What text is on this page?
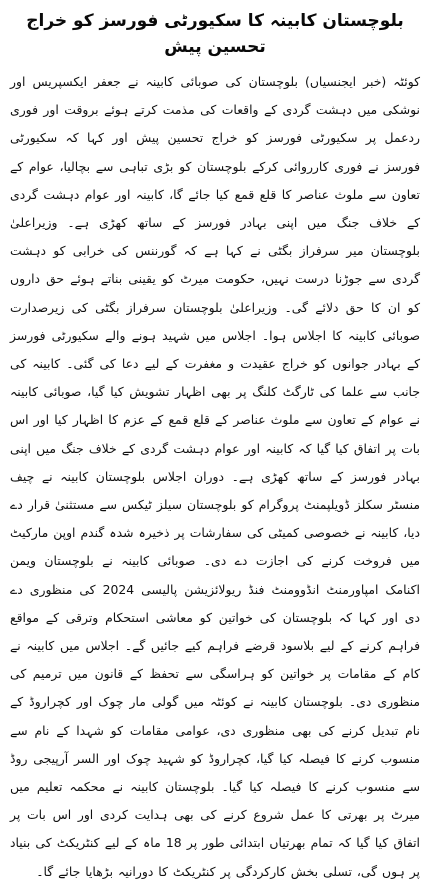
بلوچستان کابینہ کا سکیورٹی فورسز کو خراج تحسین پیش

کوئٹہ (خبر ایجنسیاں) بلوچستان کی صوبائی کابینہ نے جعفر ایکسپریس اور نوشکی میں دہشت گردی کے واقعات کی مذمت کرتے ہوئے بروقت اور فوری ردعمل پر سکیورٹی فورسز کو خراج تحسین پیش اور کہا کہ سکیورٹی فورسز نے فوری کارروائی کرکے بلوچستان کو بڑی تباہی سے بچالیا، عوام کے تعاون سے ملوث عناصر کا قلع قمع کیا جائے گا، کابینہ اور عوام دہشت گردی کے خلاف جنگ میں اپنی بہادر فورسز کے ساتھ کھڑی ہے۔ وزیراعلیٰ بلوچستان میر سرفراز بگٹی نے کہا ہے کہ گورننس کی خرابی کو دہشت گردی سے جوڑنا درست نہیں، حکومت میرٹ کو یقینی بناتے ہوئے حق داروں کو ان کا حق دلائے گی۔ وزیراعلیٰ بلوچستان سرفراز بگٹی کی زیرصدارت صوبائی کابینہ کا اجلاس ہوا۔ اجلاس میں شہید ہونے والے سکیورٹی فورسز کے بہادر جوانوں کو خراج عقیدت و مغفرت کے لیے دعا کی گئی۔ کابینہ کی جانب سے علما کی ٹارگٹ کلنگ پر بھی اظہار تشویش کیا گیا، صوبائی کابینہ نے عوام کے تعاون سے ملوث عناصر کے قلع قمع کے عزم کا اظہار کیا اور اس بات پر اتفاق کیا گیا کہ کابینہ اور عوام دہشت گردی کے خلاف جنگ میں اپنی بہادر فورسز کے ساتھ کھڑی ہے۔ دوران اجلاس بلوچستان کابینہ نے چیف منسٹر سکلز ڈویلپمنٹ پروگرام کو بلوچستان سیلز ٹیکس سے مستثنیٰ قرار دے دیا، کابینہ نے خصوصی کمیٹی کی سفارشات پر ذخیرہ شدہ گندم اوپن مارکیٹ میں فروخت کرنے کی اجازت دے دی۔ صوبائی کابینہ نے بلوچستان ویمن اکنامک امپاورمنٹ انڈوومنٹ فنڈ ریولائزیشن پالیسی 2024 کی منظوری دے دی اور کہا کہ بلوچستان کی خواتین کو معاشی استحکام وترقی کے مواقع فراہم کرنے کے لیے بلاسود قرضے فراہم کیے جائیں گے۔ اجلاس میں کابینہ نے کام کے مقامات پر خواتین کو ہراسگی سے تحفظ کے قانون میں ترمیم کی منظوری دی۔ بلوچستان کابینہ نے کوئٹہ میں گولی مار چوک اور کچراروڈ کے نام تبدیل کرنے کی بھی منظوری دی، عوامی مقامات کو شہدا کے نام سے منسوب کرنے کا فیصلہ کیا گیا، کچراروڈ کو شہید چوک اور السر آرپیجی روڈ سے منسوب کرنے کا فیصلہ کیا گیا۔ بلوچستان کابینہ نے محکمہ تعلیم میں میرٹ پر بھرتی کا عمل شروع کرنے کی بھی ہدایت کردی اور اس بات پر اتفاق کیا گیا کہ تمام بھرتیاں ابتدائی طور پر 18 ماہ کے لیے کنٹریکٹ کی بنیاد پر ہوں گی، تسلی بخش کارکردگی پر کنٹریکٹ کا دورانیہ بڑھایا جائے گا۔
